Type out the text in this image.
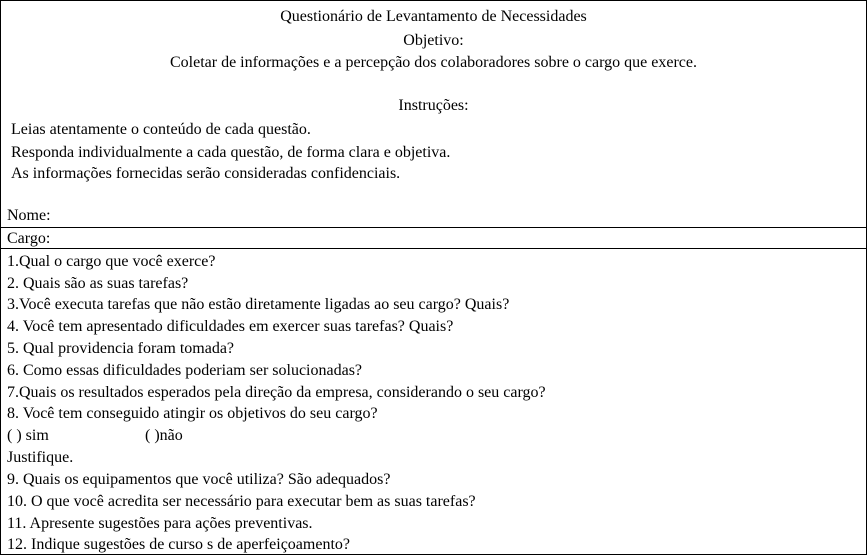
Questionário de Levantamento de Necessidades
Objetivo:
Coletar de informações e a percepção dos colaboradores sobre o cargo que exerce.
Instruções:
Leias atentamente o conteúdo de cada questão.
Responda individualmente a cada questão, de forma clara e objetiva.
As informações fornecidas serão consideradas confidenciais.
Nome:
Cargo:
1.Qual o cargo que você exerce?
2. Quais são as suas tarefas?
3.Você executa tarefas que não estão diretamente ligadas ao seu cargo? Quais?
4. Você tem apresentado dificuldades em exercer suas tarefas? Quais?
5. Qual providencia foram tomada?
6. Como essas dificuldades poderiam ser solucionadas?
7.Quais os resultados esperados pela direção da empresa, considerando o seu cargo?
8. Você tem conseguido atingir os objetivos do seu cargo?
( ) sim	( )não
Justifique.
9. Quais os equipamentos que você utiliza? São adequados?
10. O que você acredita ser necessário para executar bem as suas tarefas?
11. Apresente sugestões para ações preventivas.
12. Indique sugestões de curso s de aperfeiçoamento?
